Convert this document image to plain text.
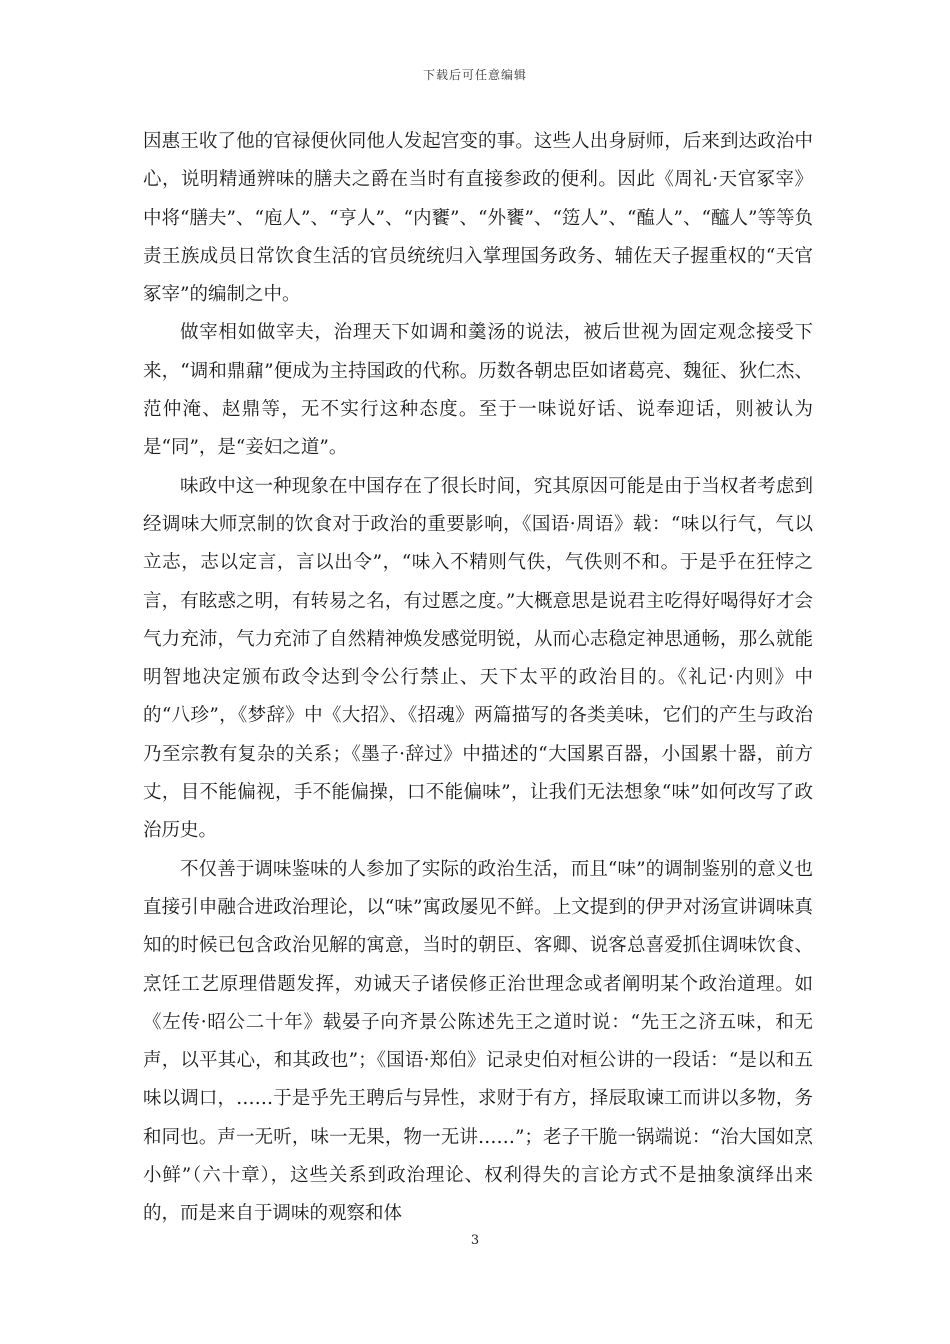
下载后可任意编辑

因惠王收了他的官禄便伙同他人发起宫变的事。这些人出身厨师，后来到达政治中心，说明精通辨味的膳夫之爵在当时有直接参政的便利。因此《周礼·天官冢宰》中将“膳夫”、“庖人”、“亨人”、“内饔”、“外饔”、“笾人”、“醢人”、“醯人”等等负责王族成员日常饮食生活的官员统统归入掌理国务政务、辅佐天子握重权的“天官冢宰”的编制之中。

做宰相如做宰夫，治理天下如调和羹汤的说法，被后世视为固定观念接受下来，“调和鼎鼐”便成为主持国政的代称。历数各朝忠臣如诸葛亮、魏征、狄仁杰、范仲淹、赵鼎等，无不实行这种态度。至于一味说好话、说奉迎话，则被认为是“同”，是“妾妇之道”。

味政中这一种现象在中国存在了很长时间，究其原因可能是由于当权者考虑到经调味大师烹制的饮食对于政治的重要影响，《国语·周语》载：“味以行气，气以立志，志以定言，言以出令”，“味入不精则气佚，气佚则不和。于是乎在狂悖之言，有眩惑之明，有转易之名，有过慝之度。”大概意思是说君主吃得好喝得好才会气力充沛，气力充沛了自然精神焕发感觉明锐，从而心志稳定神思通畅，那么就能明智地决定颁布政令达到令公行禁止、天下太平的政治目的。《礼记·内则》中的“八珍”，《梦辞》中《大招》、《招魂》两篇描写的各类美味，它们的产生与政治乃至宗教有复杂的关系；《墨子·辞过》中描述的“大国累百器，小国累十器，前方丈，目不能偏视，手不能偏操，口不能偏味”，让我们无法想象“味”如何改写了政治历史。

不仅善于调味鉴味的人参加了实际的政治生活，而且“味”的调制鉴别的意义也直接引申融合进政治理论，以“味”寓政屡见不鲜。上文提到的伊尹对汤宣讲调味真知的时候已包含政治见解的寓意，当时的朝臣、客卿、说客总喜爱抓住调味饮食、烹饪工艺原理借题发挥，劝诫天子诸侯修正治世理念或者阐明某个政治道理。如《左传·昭公二十年》载晏子向齐景公陈述先王之道时说：“先王之济五味，和无声，以平其心，和其政也”；《国语·郑伯》记录史伯对桓公讲的一段话：“是以和五味以调口，……于是乎先王聘后与异性，求财于有方，择辰取谏工而讲以多物，务和同也。声一无听，味一无果，物一无讲……”；老子干脆一锅端说：“治大国如烹小鲜”（六十章），这些关系到政治理论、权利得失的言论方式不是抽象演绎出来的，而是来自于调味的观察和体

3
